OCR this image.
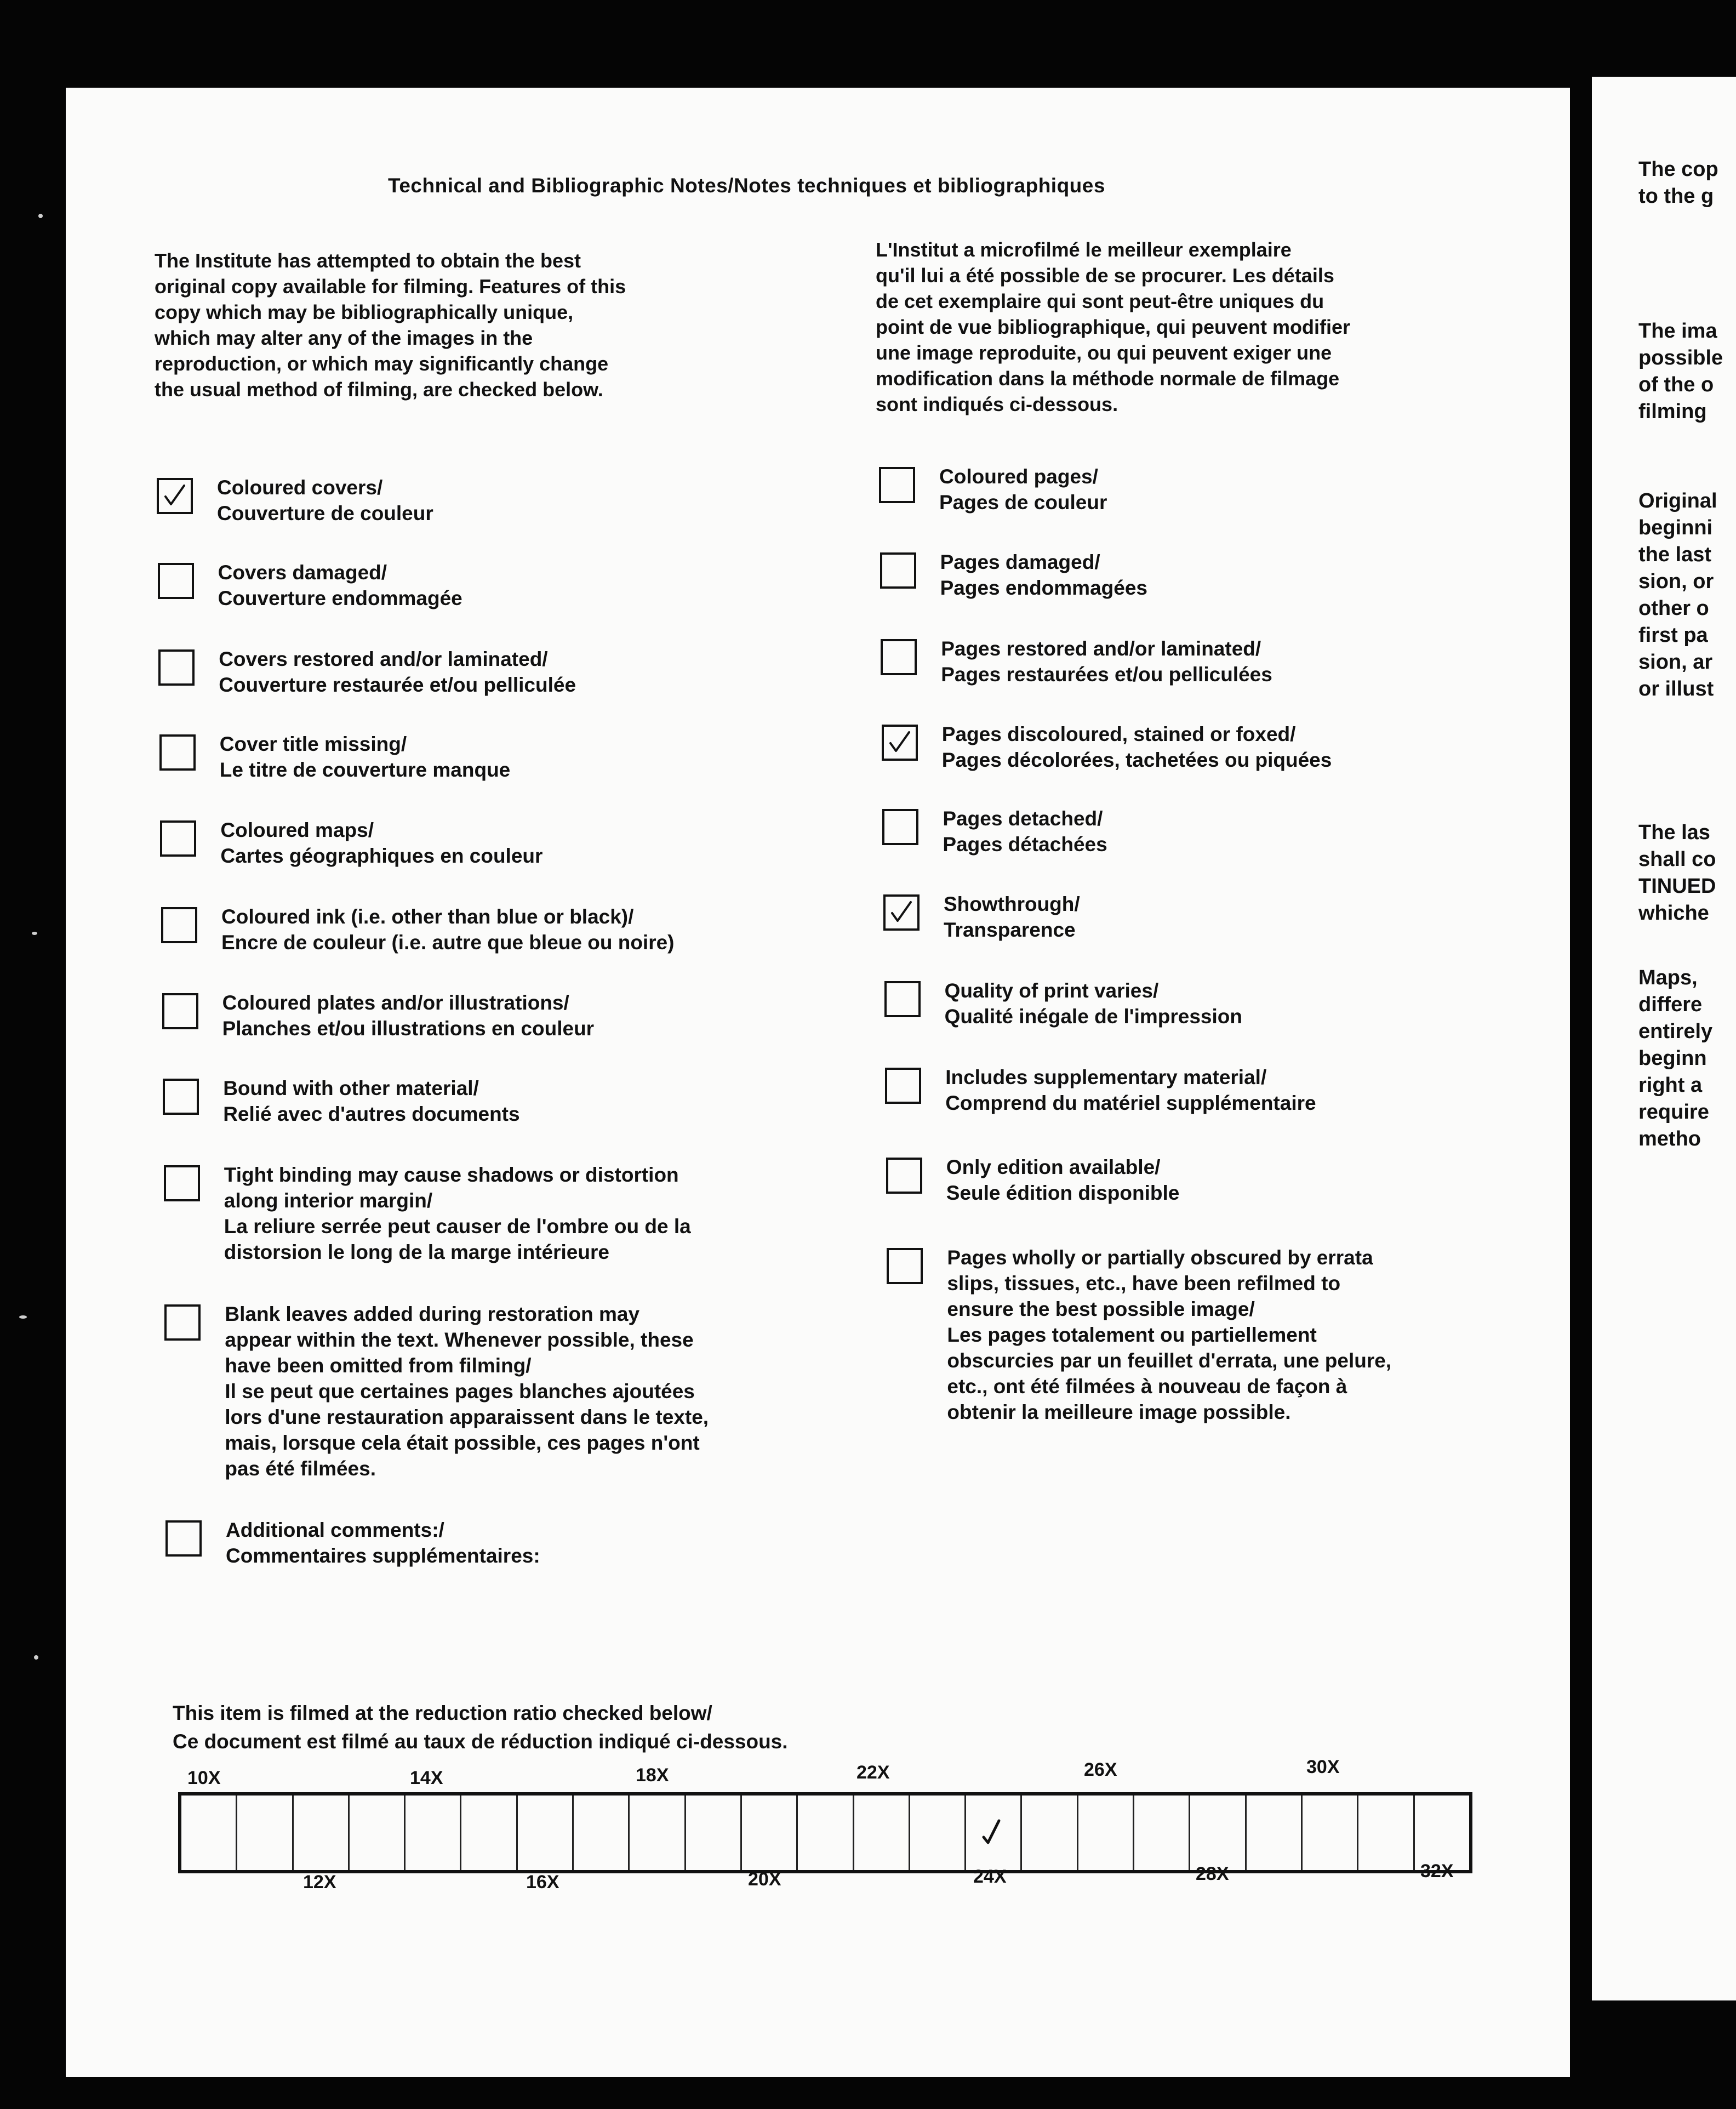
The cop
to the g
The ima
possible
of the o
filming
Original
beginni
the last
sion, or
other o
first pa
sion, ar
or illust
The las
shall co
TINUED
whiche
Maps,
differe
entirely
beginn
right a
require
metho
Technical and Bibliographic Notes/Notes techniques et bibliographiques
The Institute has attempted to obtain the best
original copy available for filming. Features of this
copy which may be bibliographically unique,
which may alter any of the images in the
reproduction, or which may significantly change
the usual method of filming, are checked below.
L'Institut a microfilmé le meilleur exemplaire
qu'il lui a été possible de se procurer. Les détails
de cet exemplaire qui sont peut-être uniques du
point de vue bibliographique, qui peuvent modifier
une image reproduite, ou qui peuvent exiger une
modification dans la méthode normale de filmage
sont indiqués ci-dessous.
Coloured covers/
Couverture de couleur
Covers damaged/
Couverture endommagée
Covers restored and/or laminated/
Couverture restaurée et/ou pelliculée
Cover title missing/
Le titre de couverture manque
Coloured maps/
Cartes géographiques en couleur
Coloured ink (i.e. other than blue or black)/
Encre de couleur (i.e. autre que bleue ou noire)
Coloured plates and/or illustrations/
Planches et/ou illustrations en couleur
Bound with other material/
Relié avec d'autres documents
Tight binding may cause shadows or distortion
along interior margin/
La reliure serrée peut causer de l'ombre ou de la
distorsion le long de la marge intérieure
Blank leaves added during restoration may
appear within the text. Whenever possible, these
have been omitted from filming/
Il se peut que certaines pages blanches ajoutées
lors d'une restauration apparaissent dans le texte,
mais, lorsque cela était possible, ces pages n'ont
pas été filmées.
Additional comments:/
Commentaires supplémentaires:
Coloured pages/
Pages de couleur
Pages damaged/
Pages endommagées
Pages restored and/or laminated/
Pages restaurées et/ou pelliculées
Pages discoloured, stained or foxed/
Pages décolorées, tachetées ou piquées
Pages detached/
Pages détachées
Showthrough/
Transparence
Quality of print varies/
Qualité inégale de l'impression
Includes supplementary material/
Comprend du matériel supplémentaire
Only edition available/
Seule édition disponible
Pages wholly or partially obscured by errata
slips, tissues, etc., have been refilmed to
ensure the best possible image/
Les pages totalement ou partiellement
obscurcies par un feuillet d'errata, une pelure,
etc., ont été filmées à nouveau de façon à
obtenir la meilleure image possible.
This item is filmed at the reduction ratio checked below/
Ce document est filmé au taux de réduction indiqué ci-dessous.
10X	14X	18X	22X	26X	30X
12X	16X	20X	24X	28X	32X
